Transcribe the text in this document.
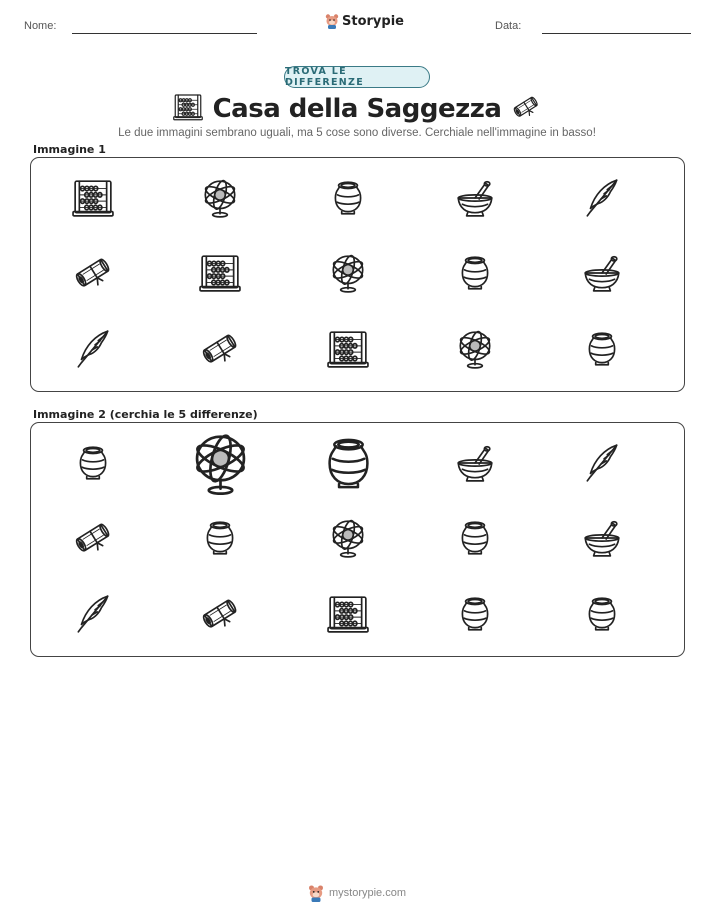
Nome:	Storypie	Data:
TROVA LE DIFFERENZE
Casa della Saggezza
Le due immagini sembrano uguali, ma 5 cose sono diverse. Cerchiale nell'immagine in basso!
Immagine 1
Immagine 2 (cerchia le 5 differenze)
mystorypie.com
